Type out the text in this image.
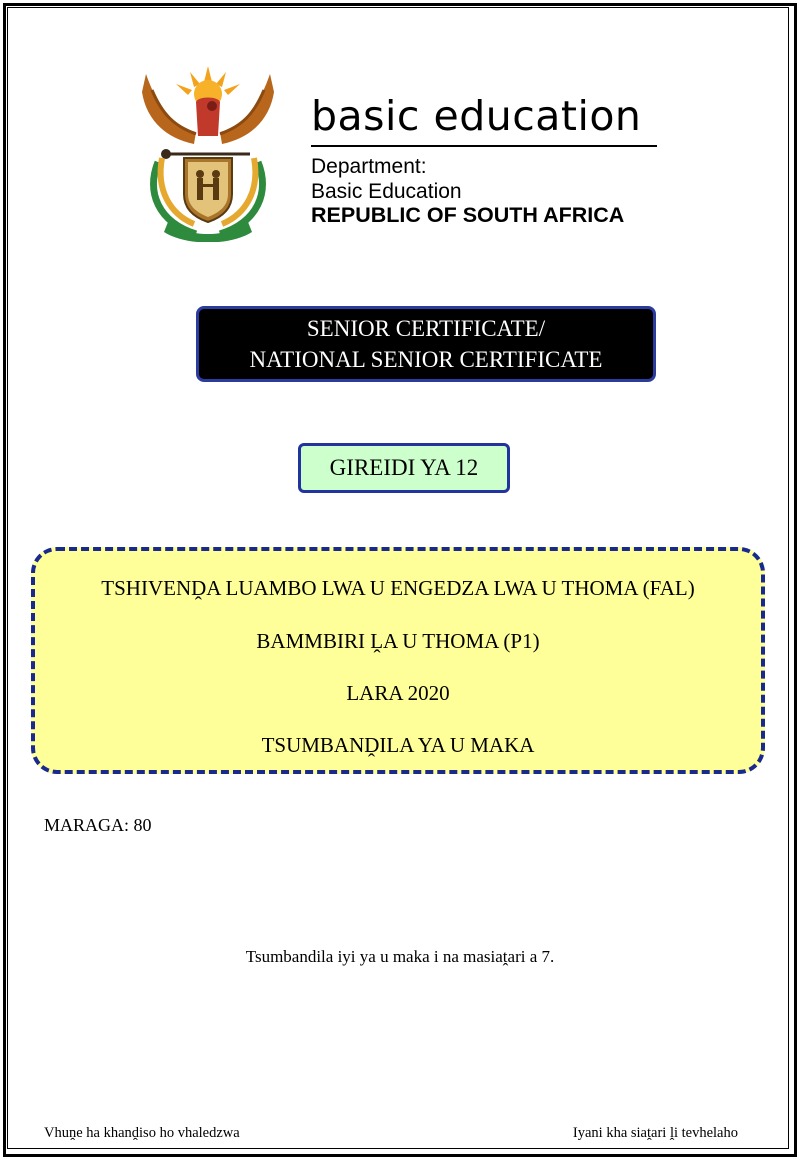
basic education
Department:
Basic Education
REPUBLIC OF SOUTH AFRICA
SENIOR CERTIFICATE/
NATIONAL SENIOR CERTIFICATE
GIREIDI YA 12
TSHIVENḒA LUAMBO LWA U ENGEDZA LWA U THOMA (FAL)
BAMMBIRI ḼA U THOMA (P1)
LARA 2020
TSUMBANḒILA YA U MAKA
MARAGA: 80
Tsumbandila iyi ya u maka i na masiaṱari a 7.
Vhuṋe ha khanḓiso ho vhaledzwa	Iyani kha siaṱari ḽi tevhelaho
